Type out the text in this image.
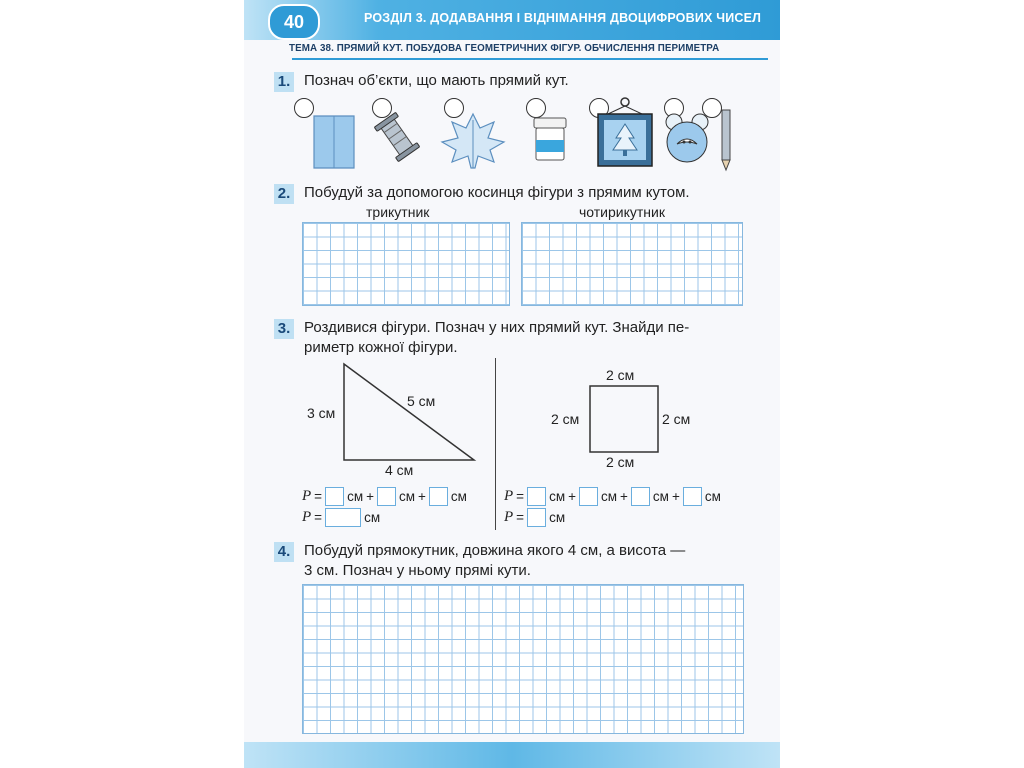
40	РОЗДІЛ 3. ДОДАВАННЯ І ВІДНІМАННЯ ДВОЦИФРОВИХ ЧИСЕЛ
ТЕМА 38. ПРЯМИЙ КУТ. ПОБУДОВА ГЕОМЕТРИЧНИХ ФІГУР. ОБЧИСЛЕННЯ ПЕРИМЕТРА
1. Познач об’єкти, що мають прямий кут.
2. Побудуй за допомогою косинця фігури з прямим кутом.
трикутник	чотирикутник
3. Роздивися фігури. Познач у них прямий кут. Знайди пе-
риметр кожної фігури.
3 см
5 см
4 см
2 см
2 см	2 см
2 см
P = см + см + см
P =	см
P = см + см + см + см
P = см
4. Побудуй прямокутник, довжина якого 4 см, а висота —
3 см. Познач у ньому прямі кути.
